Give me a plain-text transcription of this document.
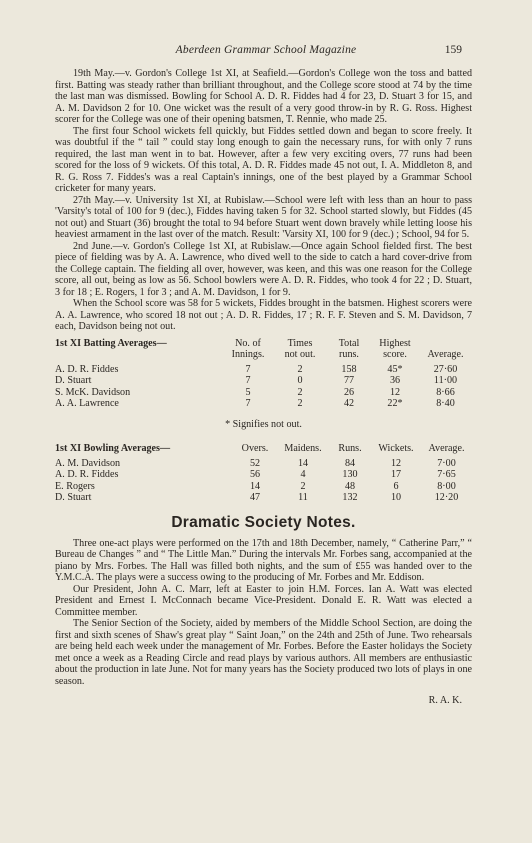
Aberdeen Grammar School Magazine	159

19th May.—v. Gordon's College 1st XI, at Seafield.—Gordon's College won the toss and batted first. Batting was steady rather than brilliant throughout, and the College score stood at 74 by the time the last man was dismissed. Bowling for School A. D. R. Fiddes had 4 for 23, D. Stuart 3 for 15, and A. M. Davidson 2 for 10. One wicket was the result of a very good throw-in by R. G. Ross. Highest scorer for the College was one of their opening batsmen, T. Rennie, who made 25.

The first four School wickets fell quickly, but Fiddes settled down and began to score freely. It was doubtful if the “ tail ” could stay long enough to gain the necessary runs, for with only 7 runs required, the last man went in to bat. However, after a few very exciting overs, 77 runs had been scored for the loss of 9 wickets. Of this total, A. D. R. Fiddes made 45 not out, I. A. Middleton 8, and R. G. Ross 7. Fiddes's was a real Captain's innings, one of the best played by a Grammar School cricketer for many years.

27th May.—v. University 1st XI, at Rubislaw.—School were left with less than an hour to pass 'Varsity's total of 100 for 9 (dec.), Fiddes having taken 5 for 32. School started slowly, but Fiddes (45 not out) and Stuart (36) brought the total to 94 before Stuart went down bravely while letting loose his heaviest armament in the last over of the match. Result: 'Varsity XI, 100 for 9 (dec.) ; School, 94 for 5.

2nd June.—v. Gordon's College 1st XI, at Rubislaw.—Once again School fielded first. The best piece of fielding was by A. A. Lawrence, who dived well to the side to catch a hard cover-drive from the College captain. The fielding all over, however, was keen, and this was one reason for the College score, all out, being as low as 56. School bowlers were A. D. R. Fiddes, who took 4 for 22 ; D. Stuart, 3 for 18 ; E. Rogers, 1 for 3 ; and A. M. Davidson, 1 for 9.

When the School score was 58 for 5 wickets, Fiddes brought in the batsmen. Highest scorers were A. A. Lawrence, who scored 18 not out ; A. D. R. Fiddes, 17 ; R. F. F. Steven and S. M. Davidson, 7 each, Davidson being not out.

1st XI Batting Averages—	No. of	Times	Total	Highest	
	Innings.	not out.	runs.	score.	Average.

A. D. R. Fiddes	7	2	158	45*	27·60
D. Stuart	7	0	77	36	11·00
S. McK. Davidson	5	2	26	12	8·66
A. A. Lawrence	7	2	42	22*	8·40
* Signifies not out.
1st XI Bowling Averages—	Overs.	Maidens.	Runs.	Wickets.	Average.

A. M. Davidson	52	14	84	12	7·00
A. D. R. Fiddes	56	4	130	17	7·65
E. Rogers	14	2	48	6	8·00
D. Stuart	47	11	132	10	12·20
Dramatic Society Notes.

Three one-act plays were performed on the 17th and 18th December, namely, “ Catherine Parr,” “ Bureau de Changes ” and “ The Little Man.” During the intervals Mr. Forbes sang, accompanied at the piano by Mrs. Forbes. The Hall was filled both nights, and the sum of £55 was handed over to the Y.M.C.A. The plays were a success owing to the producing of Mr. Forbes and Mr. Eddison.

Our President, John A. C. Marr, left at Easter to join H.M. Forces. Ian A. Watt was elected President and Ernest I. McConnach became Vice-President. Donald E. R. Watt was elected a Committee member.

The Senior Section of the Society, aided by members of the Middle School Section, are doing the first and sixth scenes of Shaw's great play “ Saint Joan,” on the 24th and 25th of June. Two rehearsals are being held each week under the management of Mr. Forbes. Before the Easter holidays the Society met once a week as a Reading Circle and read plays by various authors. All members are enthusiastic about the production in late June. Not for many years has the Society produced two lots of plays in one season.

R. A. K.
